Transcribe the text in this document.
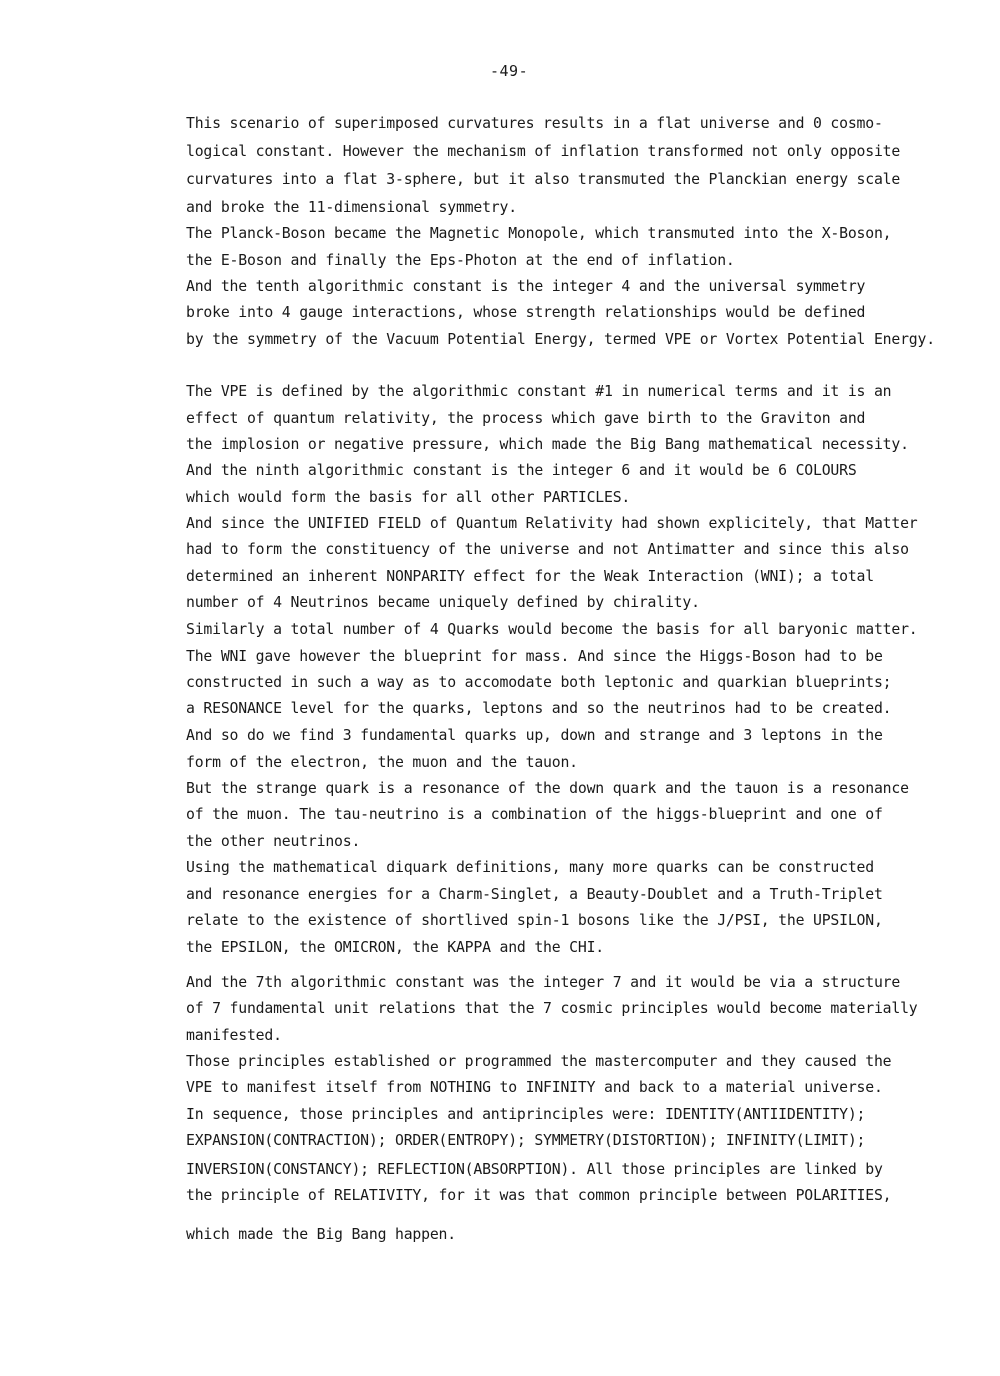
-49-
This scenario of superimposed curvatures results in a flat universe and 0 cosmo-
logical constant. However the mechanism of inflation transformed not only opposite
curvatures into a flat 3-sphere, but it also transmuted the Planckian energy scale
and broke the 11-dimensional symmetry.
The Planck-Boson became the Magnetic Monopole, which transmuted into the X-Boson,
the E-Boson and finally the Eps-Photon at the end of inflation.
And the tenth algorithmic constant is the integer 4 and the universal symmetry
broke into 4 gauge interactions, whose strength relationships would be defined
by the symmetry of the Vacuum Potential Energy, termed VPE or Vortex Potential Energy.
The VPE is defined by the algorithmic constant #1 in numerical terms and it is an
effect of quantum relativity, the process which gave birth to the Graviton and
the implosion or negative pressure, which made the Big Bang mathematical necessity.
And the ninth algorithmic constant is the integer 6 and it would be 6 COLOURS
which would form the basis for all other PARTICLES.
And since the UNIFIED FIELD of Quantum Relativity had shown explicitely, that Matter
had to form the constituency of the universe and not Antimatter and since this also
determined an inherent NONPARITY effect for the Weak Interaction (WNI); a total
number of 4 Neutrinos became uniquely defined by chirality.
Similarly a total number of 4 Quarks would become the basis for all baryonic matter.
The WNI gave however the blueprint for mass. And since the Higgs-Boson had to be
constructed in such a way as to accomodate both leptonic and quarkian blueprints;
a RESONANCE level for the quarks, leptons and so the neutrinos had to be created.
And so do we find 3 fundamental quarks up, down and strange and 3 leptons in the
form of the electron, the muon and the tauon.
But the strange quark is a resonance of the down quark and the tauon is a resonance
of the muon. The tau-neutrino is a combination of the higgs-blueprint and one of
the other neutrinos.
Using the mathematical diquark definitions, many more quarks can be constructed
and resonance energies for a Charm-Singlet, a Beauty-Doublet and a Truth-Triplet
relate to the existence of shortlived spin-1 bosons like the J/PSI, the UPSILON,
the EPSILON, the OMICRON, the KAPPA and the CHI.
And the 7th algorithmic constant was the integer 7 and it would be via a structure
of 7 fundamental unit relations that the 7 cosmic principles would become materially
manifested.
Those principles established or programmed the mastercomputer and they caused the
VPE to manifest itself from NOTHING to INFINITY and back to a material universe.
In sequence, those principles and antiprinciples were: IDENTITY(ANTIIDENTITY);
EXPANSION(CONTRACTION); ORDER(ENTROPY); SYMMETRY(DISTORTION); INFINITY(LIMIT);
INVERSION(CONSTANCY); REFLECTION(ABSORPTION). All those principles are linked by
the principle of RELATIVITY, for it was that common principle between POLARITIES,
which made the Big Bang happen.
